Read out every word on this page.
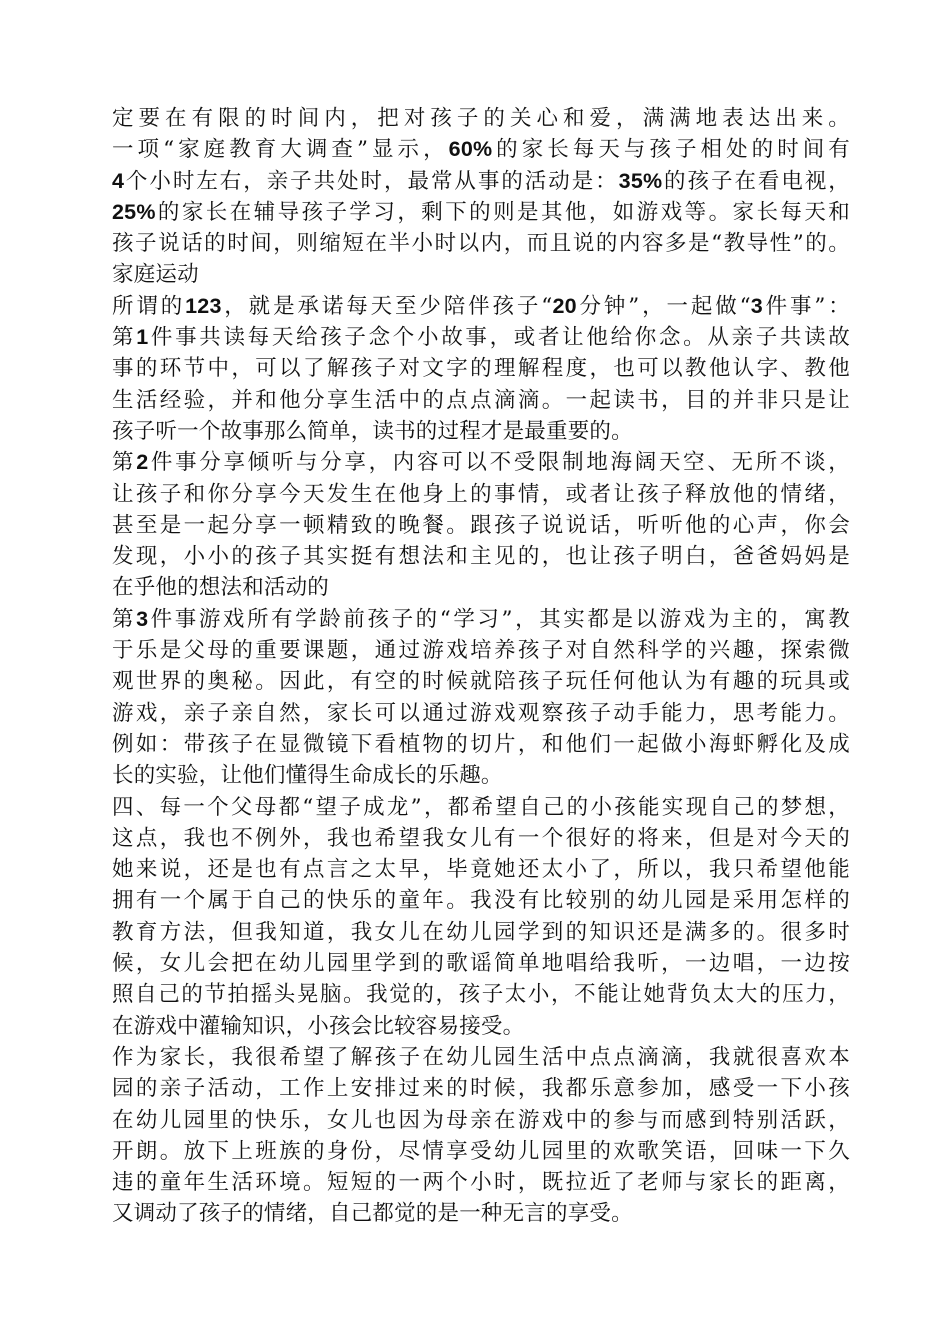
定要在有限的时间内，把对孩子的关心和爱，满满地表达出来。
一项“家庭教育大调查”显示，60%的家长每天与孩子相处的时间有
4个小时左右，亲子共处时，最常从事的活动是：35%的孩子在看电视，
25%的家长在辅导孩子学习，剩下的则是其他，如游戏等。家长每天和
孩子说话的时间，则缩短在半小时以内，而且说的内容多是“教导性”的。
家庭运动
所谓的123，就是承诺每天至少陪伴孩子“20分钟”，一起做“3件事”：
第1件事共读每天给孩子念个小故事，或者让他给你念。从亲子共读故
事的环节中，可以了解孩子对文字的理解程度，也可以教他认字、教他
生活经验，并和他分享生活中的点点滴滴。一起读书，目的并非只是让
孩子听一个故事那么简单，读书的过程才是最重要的。
第2件事分享倾听与分享，内容可以不受限制地海阔天空、无所不谈，
让孩子和你分享今天发生在他身上的事情，或者让孩子释放他的情绪，
甚至是一起分享一顿精致的晚餐。跟孩子说说话，听听他的心声，你会
发现，小小的孩子其实挺有想法和主见的，也让孩子明白，爸爸妈妈是
在乎他的想法和活动的
第3件事游戏所有学龄前孩子的“学习”，其实都是以游戏为主的，寓教
于乐是父母的重要课题，通过游戏培养孩子对自然科学的兴趣，探索微
观世界的奥秘。因此，有空的时候就陪孩子玩任何他认为有趣的玩具或
游戏，亲子亲自然，家长可以通过游戏观察孩子动手能力，思考能力。
例如：带孩子在显微镜下看植物的切片，和他们一起做小海虾孵化及成
长的实验，让他们懂得生命成长的乐趣。
四、每一个父母都“望子成龙”，都希望自己的小孩能实现自己的梦想，
这点，我也不例外，我也希望我女儿有一个很好的将来，但是对今天的
她来说，还是也有点言之太早，毕竟她还太小了，所以，我只希望他能
拥有一个属于自己的快乐的童年。我没有比较别的幼儿园是采用怎样的
教育方法，但我知道，我女儿在幼儿园学到的知识还是满多的。很多时
候，女儿会把在幼儿园里学到的歌谣简单地唱给我听，一边唱，一边按
照自己的节拍摇头晃脑。我觉的，孩子太小，不能让她背负太大的压力，
在游戏中灌输知识，小孩会比较容易接受。
作为家长，我很希望了解孩子在幼儿园生活中点点滴滴，我就很喜欢本
园的亲子活动，工作上安排过来的时候，我都乐意参加，感受一下小孩
在幼儿园里的快乐，女儿也因为母亲在游戏中的参与而感到特别活跃，
开朗。放下上班族的身份，尽情享受幼儿园里的欢歌笑语，回味一下久
违的童年生活环境。短短的一两个小时，既拉近了老师与家长的距离，
又调动了孩子的情绪，自己都觉的是一种无言的享受。
